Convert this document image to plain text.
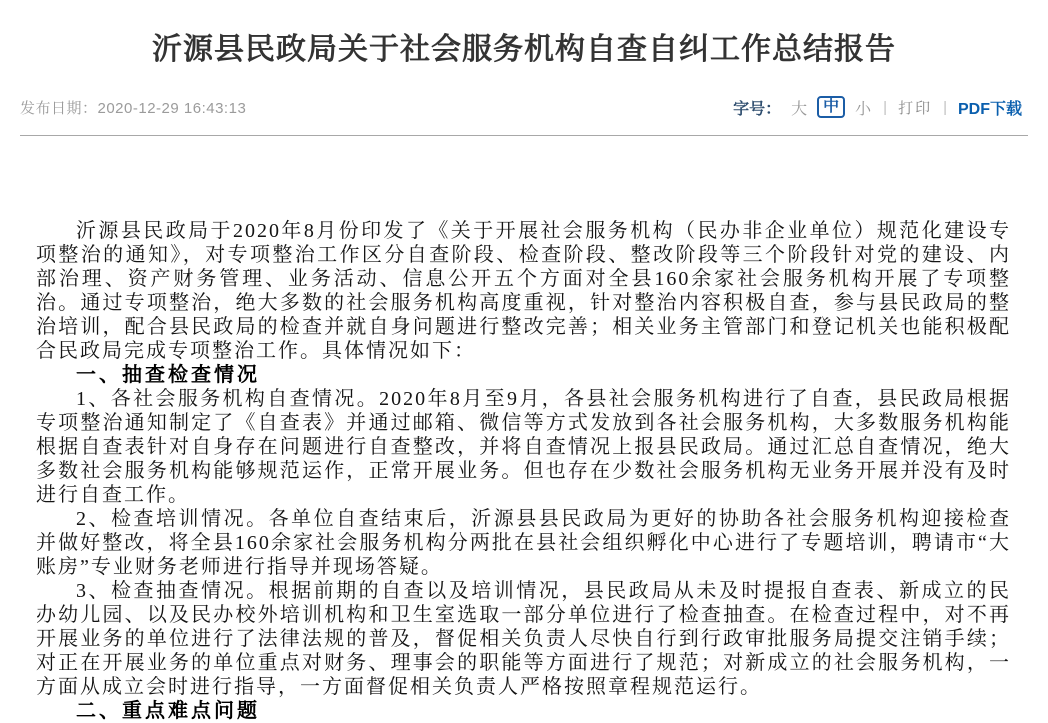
沂源县民政局关于社会服务机构自查自纠工作总结报告
发布日期：2020-12-29 16:43:13	字号： 大	中	小 | 打印 | PDF下载

沂源县民政局于2020年8月份印发了《关于开展社会服务机构（民办非企业单位）规范化建设专项整治的通知》，对专项整治工作区分自查阶段、检查阶段、整改阶段等三个阶段针对党的建设、内部治理、资产财务管理、业务活动、信息公开五个方面对全县160余家社会服务机构开展了专项整治。通过专项整治，绝大多数的社会服务机构高度重视，针对整治内容积极自查，参与县民政局的整治培训，配合县民政局的检查并就自身问题进行整改完善；相关业务主管部门和登记机关也能积极配合民政局完成专项整治工作。具体情况如下：

一、抽查检查情况

1、各社会服务机构自查情况。2020年8月至9月，各县社会服务机构进行了自查，县民政局根据专项整治通知制定了《自查表》并通过邮箱、微信等方式发放到各社会服务机构，大多数服务机构能根据自查表针对自身存在问题进行自查整改，并将自查情况上报县民政局。通过汇总自查情况，绝大多数社会服务机构能够规范运作，正常开展业务。但也存在少数社会服务机构无业务开展并没有及时进行自查工作。

2、检查培训情况。各单位自查结束后，沂源县县民政局为更好的协助各社会服务机构迎接检查并做好整改，将全县160余家社会服务机构分两批在县社会组织孵化中心进行了专题培训，聘请市“大账房”专业财务老师进行指导并现场答疑。

3、检查抽查情况。根据前期的自查以及培训情况，县民政局从未及时提报自查表、新成立的民办幼儿园、以及民办校外培训机构和卫生室选取一部分单位进行了检查抽查。在检查过程中，对不再开展业务的单位进行了法律法规的普及，督促相关负责人尽快自行到行政审批服务局提交注销手续；对正在开展业务的单位重点对财务、理事会的职能等方面进行了规范；对新成立的社会服务机构，一方面从成立会时进行指导，一方面督促相关负责人严格按照章程规范运行。

二、重点难点问题
